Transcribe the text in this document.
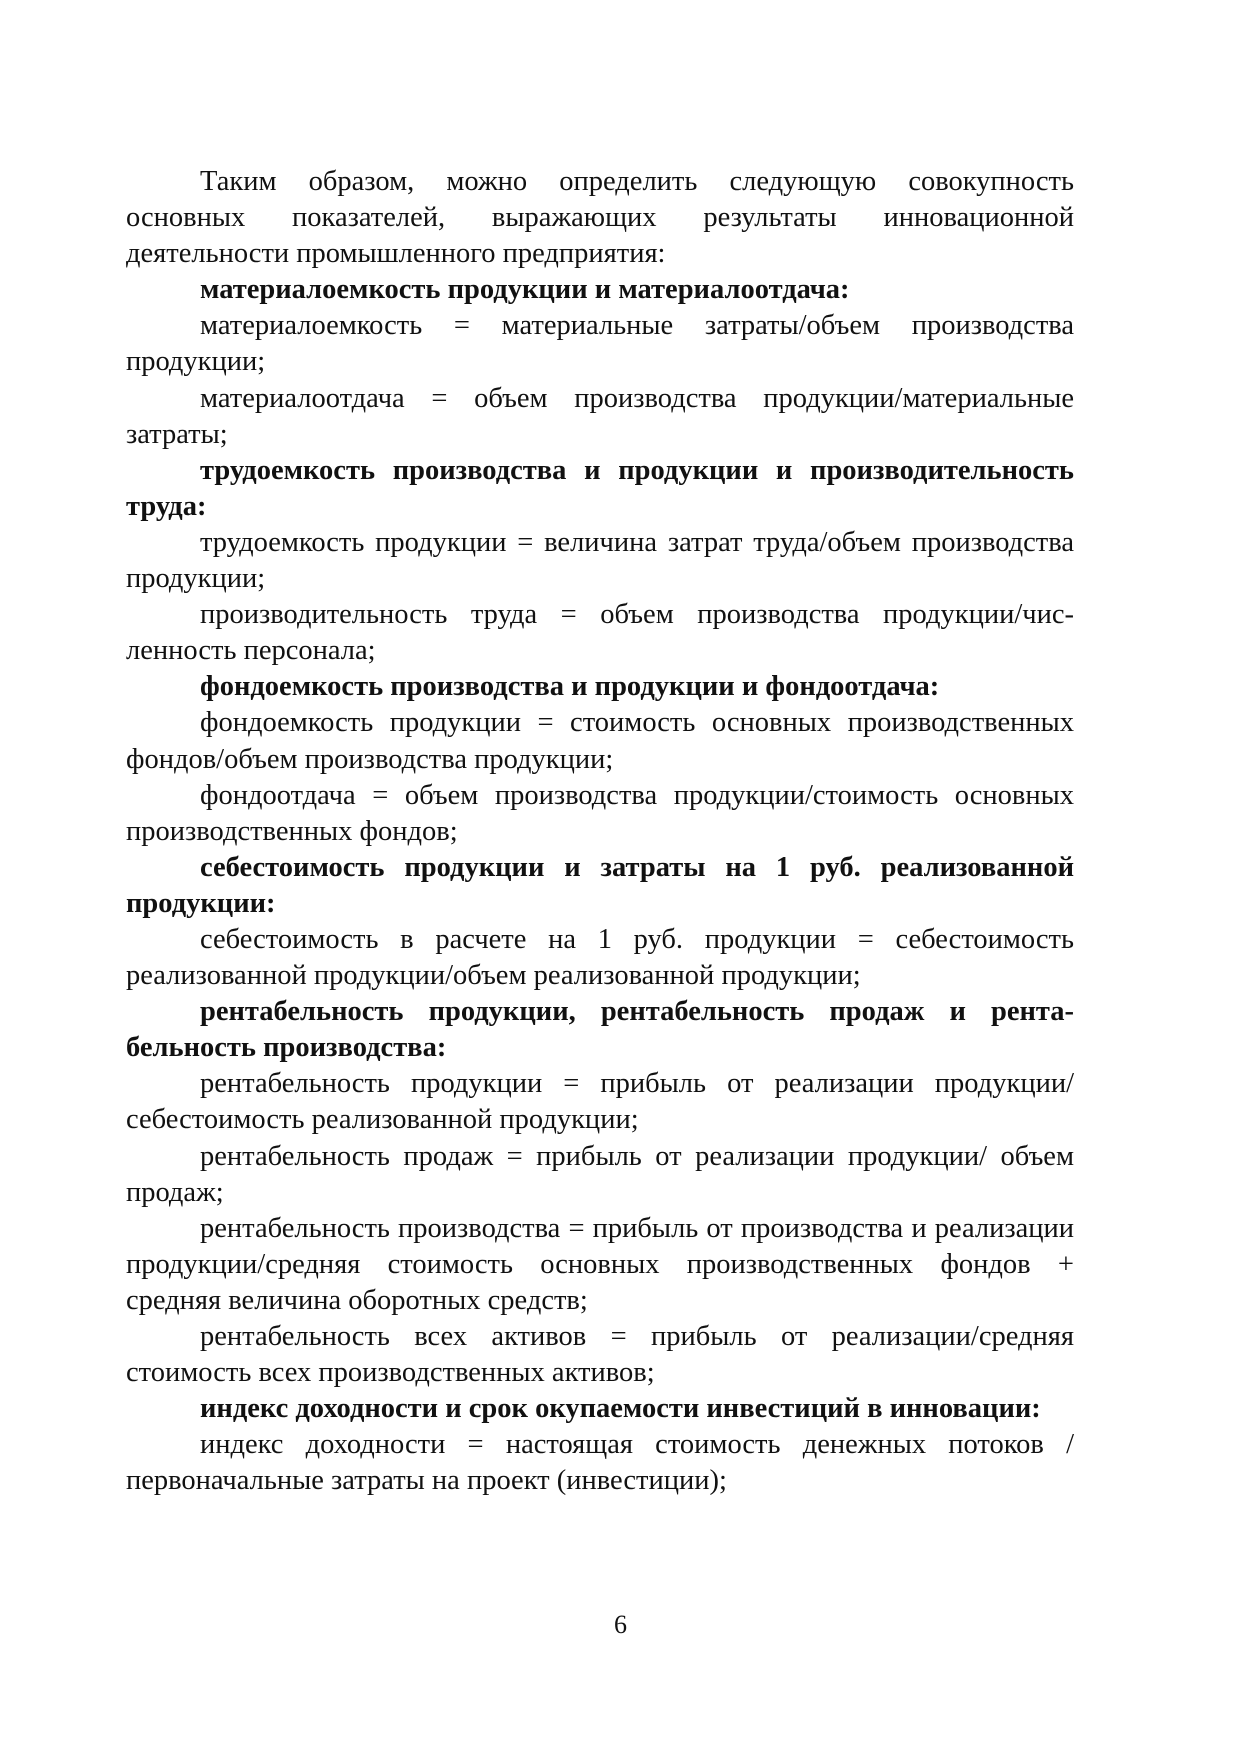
Таким образом, можно определить следующую совокупность основных показателей, выражающих результаты инновационной деятельности промышленного предприятия:

материалоемкость продукции и материалоотдача:

материалоемкость = материальные затраты/объем производства продукции;

материалоотдача = объем производства продукции/материальные затраты;

трудоемкость производства и продукции и производительность труда:

трудоемкость продукции = величина затрат труда/объем производства продукции;

производительность труда = объем производства продукции/численность персонала;

фондоемкость производства и продукции и фондоотдача:

фондоемкость продукции = стоимость основных производственных фондов/объем производства продукции;

фондоотдача = объем производства продукции/стоимость основных производственных фондов;

себестоимость продукции и затраты на 1 руб. реализованной продукции:

себестоимость в расчете на 1 руб. продукции = себестоимость реализованной продукции/объем реализованной продукции;

рентабельность продукции, рентабельность продаж и рентабельность производства:

рентабельность продукции = прибыль от реализации продукции/себестоимость реализованной продукции;

рентабельность продаж = прибыль от реализации продукции/ объем продаж;

рентабельность производства = прибыль от производства и реализации продукции/средняя стоимость основных производственных фондов + средняя величина оборотных средств;

рентабельность всех активов = прибыль от реализации/средняя стоимость всех производственных активов;

индекс доходности и срок окупаемости инвестиций в инновации:

индекс доходности = настоящая стоимость денежных потоков / первоначальные затраты на проект (инвестиции);

6
